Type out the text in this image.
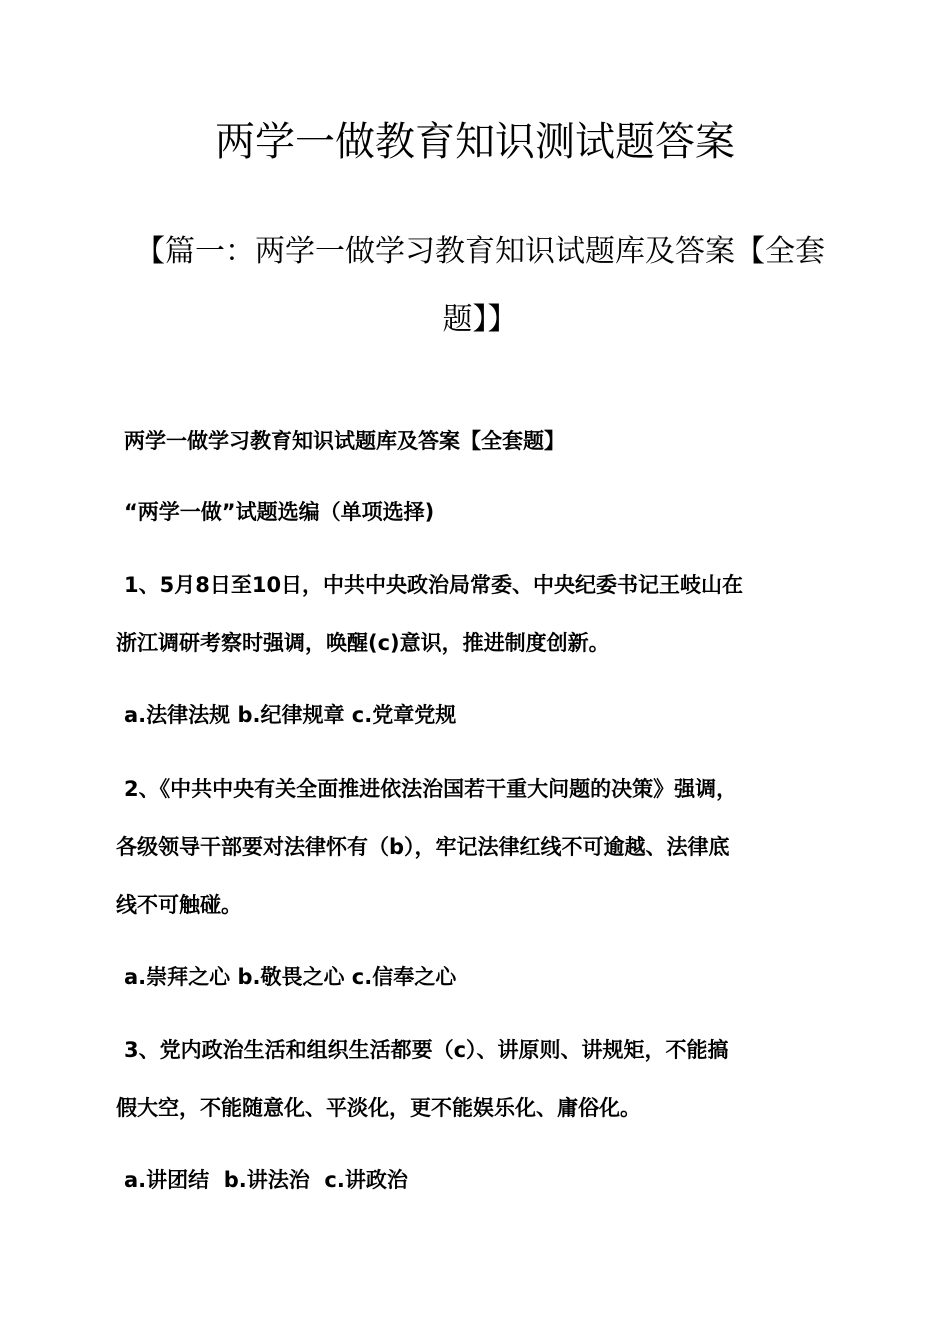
两学一做教育知识测试题答案
【篇一：两学一做学习教育知识试题库及答案【全套
题】】

两学一做学习教育知识试题库及答案【全套题】

“两学一做”试题选编（单项选择)

1、5月8日至10日，中共中央政治局常委、中央纪委书记王岐山在
浙江调研考察时强调，唤醒(c)意识，推进制度创新。

a.法律法规 b.纪律规章 c.党章党规

2、《中共中央有关全面推进依法治国若干重大问题的决策》强调，
各级领导干部要对法律怀有（b），牢记法律红线不可逾越、法律底
线不可触碰。

a.崇拜之心 b.敬畏之心 c.信奉之心

3、党内政治生活和组织生活都要（c）、讲原则、讲规矩，不能搞
假大空，不能随意化、平淡化，更不能娱乐化、庸俗化。

a.讲团结  b.讲法治  c.讲政治
